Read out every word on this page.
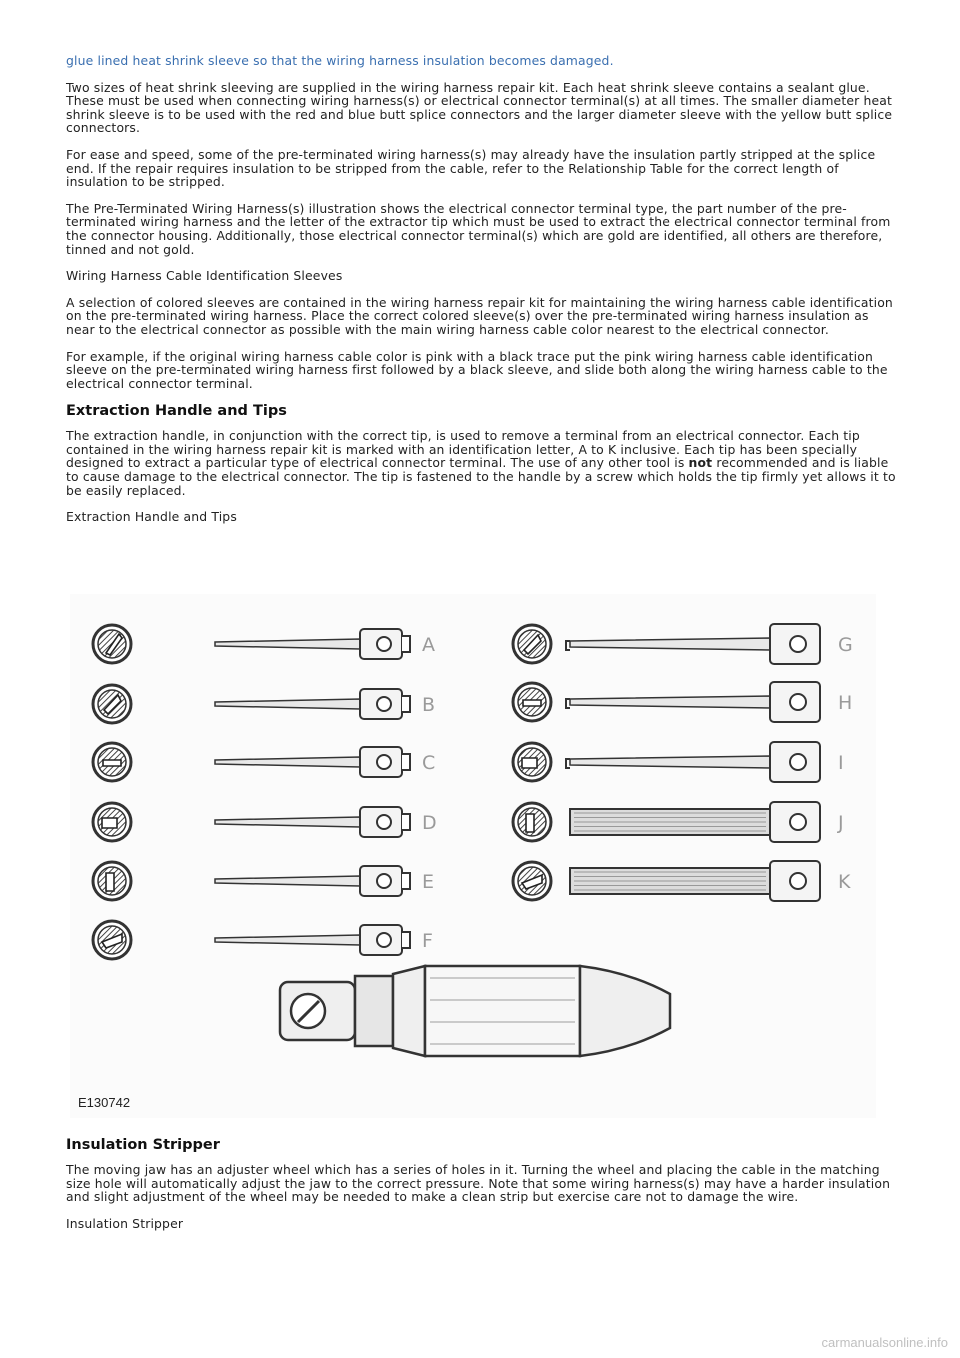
glue lined heat shrink sleeve so that the wiring harness insulation becomes damaged.

Two sizes of heat shrink sleeving are supplied in the wiring harness repair kit. Each heat shrink sleeve contains a sealant glue. These must be used when connecting wiring harness(s) or electrical connector terminal(s) at all times. The smaller diameter heat shrink sleeve is to be used with the red and blue butt splice connectors and the larger diameter sleeve with the yellow butt splice connectors.

For ease and speed, some of the pre-terminated wiring harness(s) may already have the insulation partly stripped at the splice end. If the repair requires insulation to be stripped from the cable, refer to the Relationship Table for the correct length of insulation to be stripped.

The Pre-Terminated Wiring Harness(s) illustration shows the electrical connector terminal type, the part number of the pre-terminated wiring harness and the letter of the extractor tip which must be used to extract the electrical connector terminal from the connector housing. Additionally, those electrical connector terminal(s) which are gold are identified, all others are therefore, tinned and not gold.

Wiring Harness Cable Identification Sleeves

A selection of colored sleeves are contained in the wiring harness repair kit for maintaining the wiring harness cable identification on the pre-terminated wiring harness. Place the correct colored sleeve(s) over the pre-terminated wiring harness insulation as near to the electrical connector as possible with the main wiring harness cable color nearest to the electrical connector.

For example, if the original wiring harness cable color is pink with a black trace put the pink wiring harness cable identification sleeve on the pre-terminated wiring harness first followed by a black sleeve, and slide both along the wiring harness cable to the electrical connector terminal.

Extraction Handle and Tips

The extraction handle, in conjunction with the correct tip, is used to remove a terminal from an electrical connector. Each tip contained in the wiring harness repair kit is marked with an identification letter, A to K inclusive. Each tip has been specially designed to extract a particular type of electrical connector terminal. The use of any other tool is not recommended and is liable to cause damage to the electrical connector. The tip is fastened to the handle by a screw which holds the tip firmly yet allows it to be easily replaced.

Extraction Handle and Tips

A
B
C
D
E
F
G
H
I
J
K
E130742
Insulation Stripper

The moving jaw has an adjuster wheel which has a series of holes in it. Turning the wheel and placing the cable in the matching size hole will automatically adjust the jaw to the correct pressure. Note that some wiring harness(s) may have a harder insulation and slight adjustment of the wheel may be needed to make a clean strip but exercise care not to damage the wire.

Insulation Stripper

carmanualsonline.info
